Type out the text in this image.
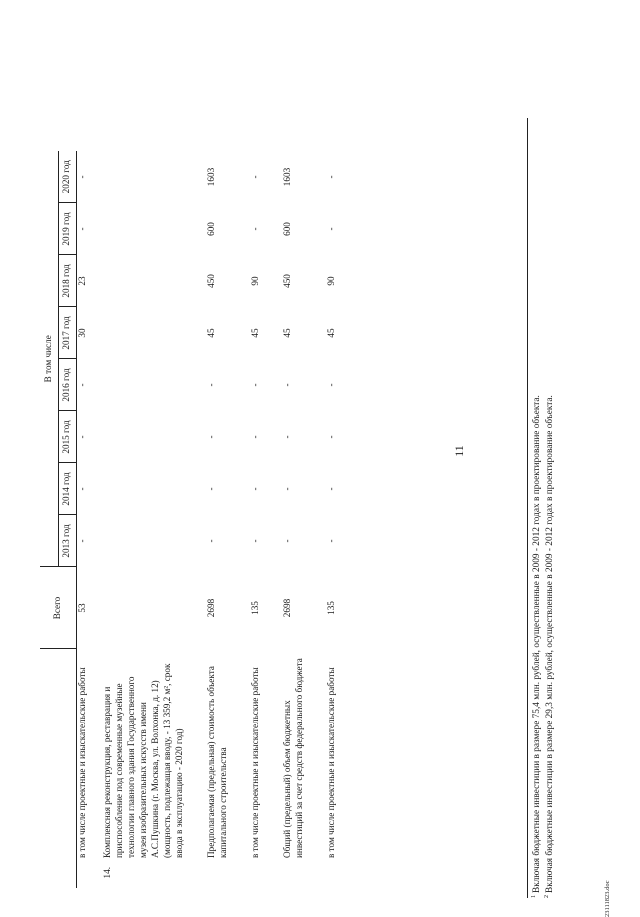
11
		Всего	В том числе							
			2013 год	2014 год	2015 год	2016 год	2017 год	2018 год	2019 год	2020 год
	в том числе проектные и изыскательские работы	53	-	-	-	-	30	23	-	-
14.	Комплексная реконструкция, реставрация и приспособление под современные музейные технологии главного здания Государственного музея изобразительных искусств имени А.С.Пушкина (г. Москва, ул. Волхонка, д. 12) (мощность, подлежащая вводу, - 13 359,2 м², срок ввода в эксплуатацию - 2020 год)									
	Предполагаемая (предельная) стоимость объекта капитального строительства	2698	-	-	-	-	45	450	600	1603
	в том числе проектные и изыскательские работы	135	-	-	-	-	45	90	-	-
	Общий (предельный) объем бюджетных инвестиций за счет средств федерального бюджета	2698	-	-	-	-	45	450	600	1603
	в том числе проектные и изыскательские работы	135	-	-	-	-	45	90	-	-
$^1$Включая бюджетные инвестиции в размере 75,4 млн. рублей, осуществленные в 2009 - 2012 годах в проектирование объекта.
$^2$Включая бюджетные инвестиции в размере 29,3 млн. рублей, осуществленные в 2009 - 2012 годах в проектирование объекта.
23111823.doc
